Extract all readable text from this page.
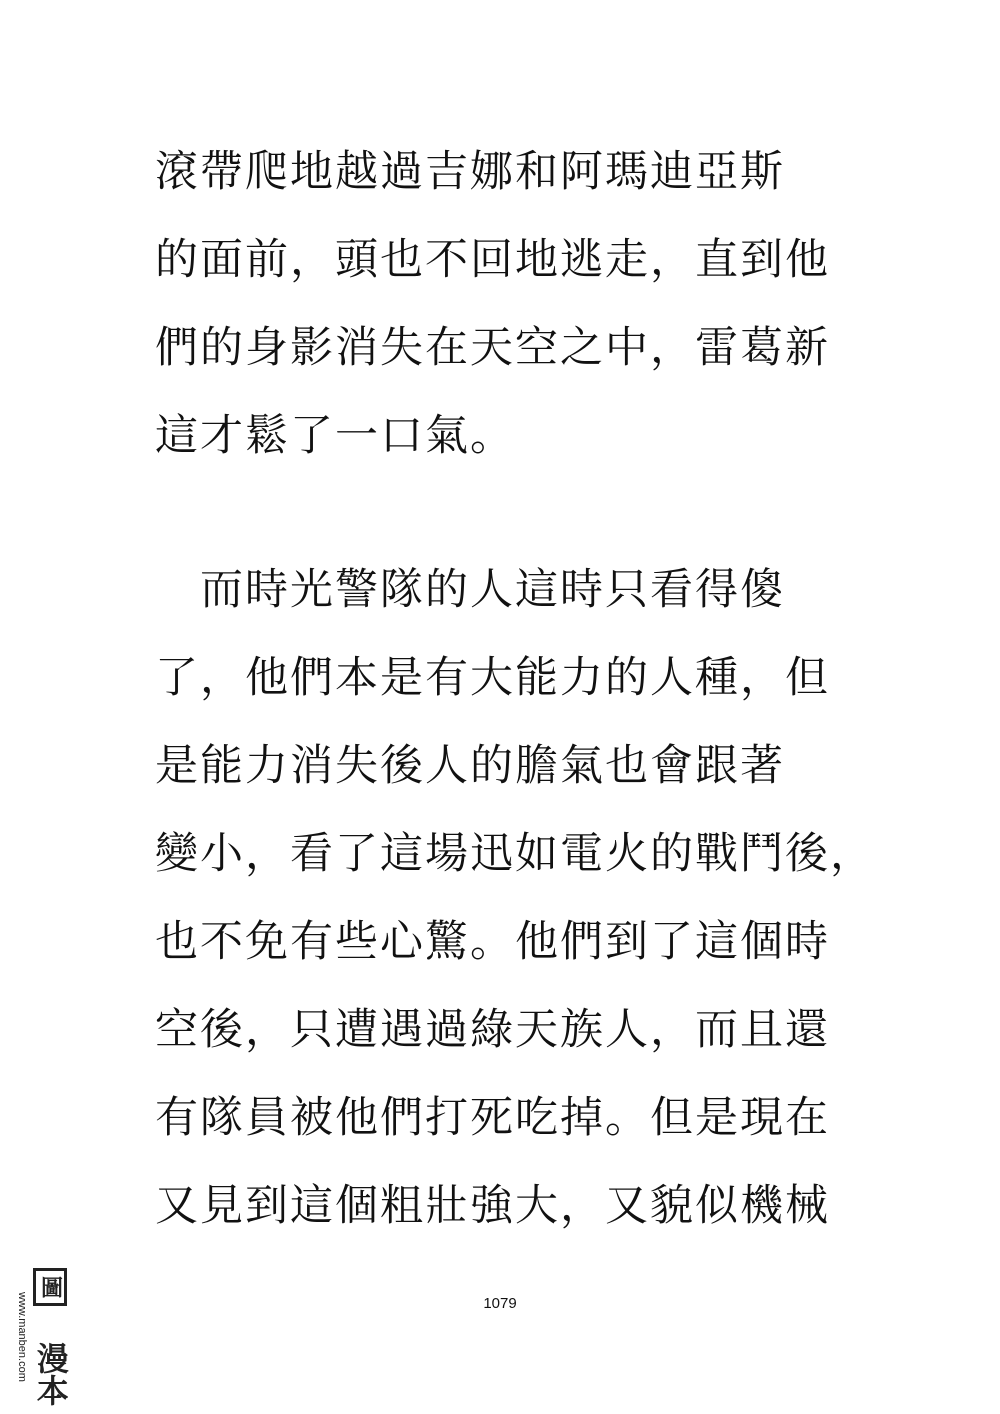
滾帶爬地越過吉娜和阿瑪迪亞斯
的面前，頭也不回地逃走，直到他
們的身影消失在天空之中，雷葛新
這才鬆了一口氣。
　而時光警隊的人這時只看得傻
了，他們本是有大能力的人種，但
是能力消失後人的膽氣也會跟著
變小，看了這場迅如電火的戰鬥後，
也不免有些心驚。他們到了這個時
空後，只遭遇過綠天族人，而且還
有隊員被他們打死吃掉。但是現在
又見到這個粗壯強大，又貌似機械
1079
www.manben.com
圖
漫本
